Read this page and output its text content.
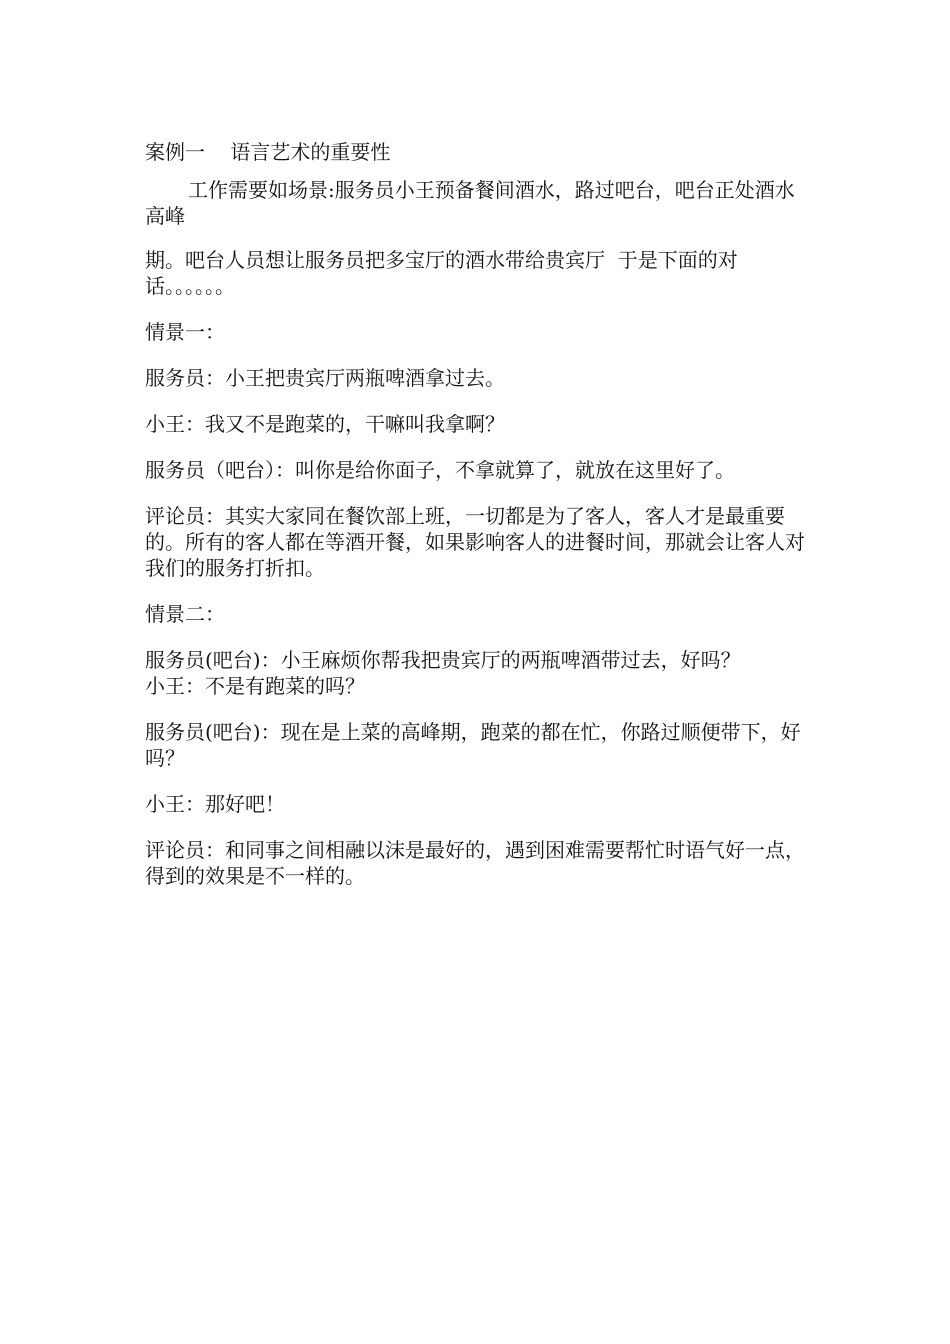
案例一    语言艺术的重要性

工作需要如场景:服务员小王预备餐间酒水，路过吧台，吧台正处酒水高峰

期。吧台人员想让服务员把多宝厅的酒水带给贵宾厅  于是下面的对话。。。。。。

情景一：

服务员：小王把贵宾厅两瓶啤酒拿过去。

小王：我又不是跑菜的，干嘛叫我拿啊？

服务员（吧台）：叫你是给你面子，不拿就算了，就放在这里好了。

评论员：其实大家同在餐饮部上班，一切都是为了客人，客人才是最重要的。所有的客人都在等酒开餐，如果影响客人的进餐时间，那就会让客人对我们的服务打折扣。

情景二：

服务员(吧台)：小王麻烦你帮我把贵宾厅的两瓶啤酒带过去，好吗？

小王：不是有跑菜的吗？

服务员(吧台)：现在是上菜的高峰期，跑菜的都在忙，你路过顺便带下，好吗？

小王：那好吧！

评论员：和同事之间相融以沫是最好的，遇到困难需要帮忙时语气好一点，得到的效果是不一样的。
